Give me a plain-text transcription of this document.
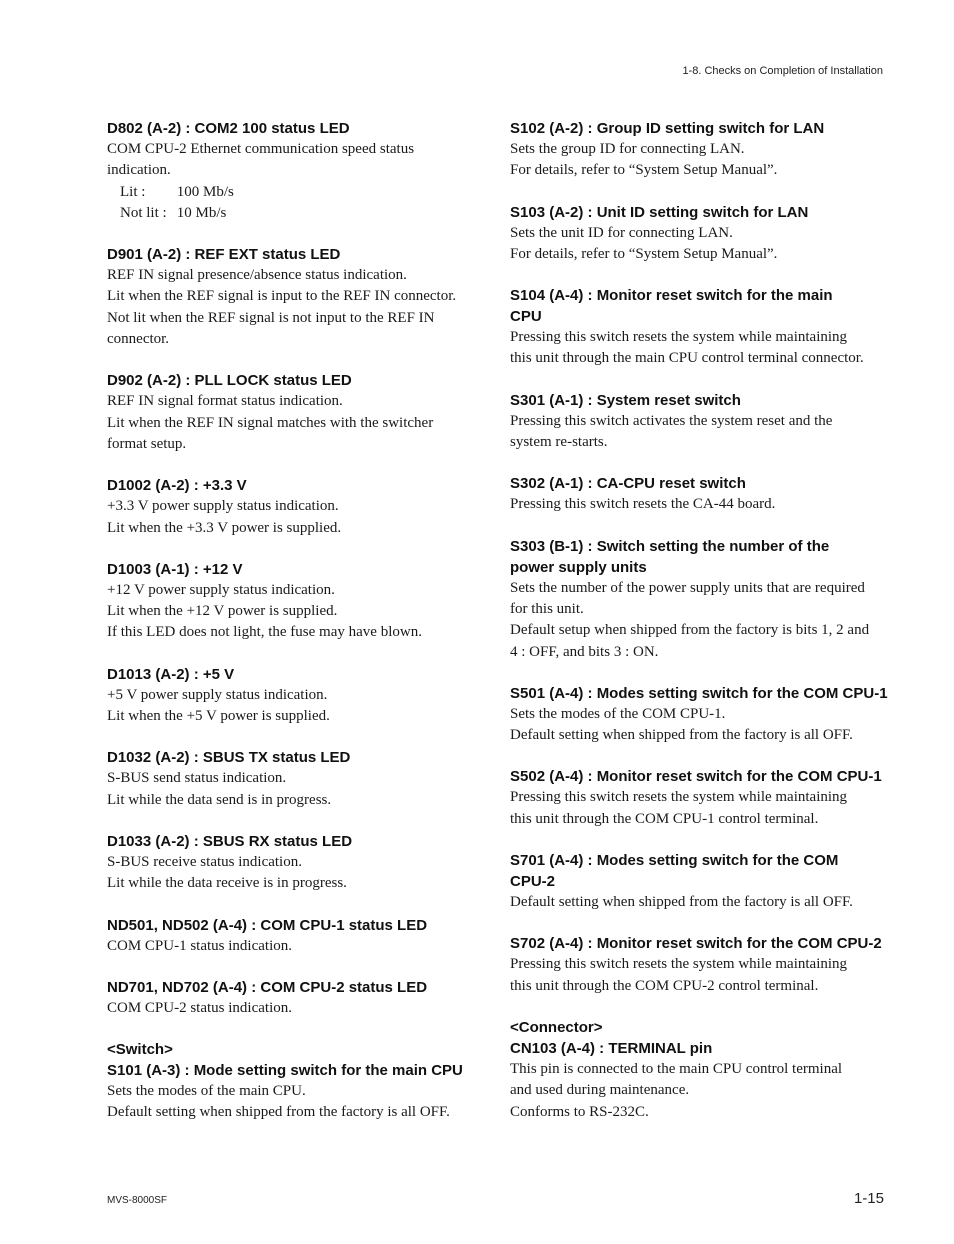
1-8. Checks on Completion of Installation
D802 (A-2) : COM2 100 status LED
COM CPU-2 Ethernet communication speed status
indication.
Lit : 100 Mb/s
Not lit : 10 Mb/s
D901 (A-2) : REF EXT status LED
REF IN signal presence/absence status indication.
Lit when the REF signal is input to the REF IN connector.
Not lit when the REF signal is not input to the REF IN
connector.
D902 (A-2) : PLL LOCK status LED
REF IN signal format status indication.
Lit when the REF IN signal matches with the switcher
format setup.
D1002 (A-2) : +3.3 V
+3.3 V power supply status indication.
Lit when the +3.3 V power is supplied.
D1003 (A-1) : +12 V
+12 V power supply status indication.
Lit when the +12 V power is supplied.
If this LED does not light, the fuse may have blown.
D1013 (A-2) : +5 V
+5 V power supply status indication.
Lit when the +5 V power is supplied.
D1032 (A-2) : SBUS TX status LED
S-BUS send status indication.
Lit while the data send is in progress.
D1033 (A-2) : SBUS RX status LED
S-BUS receive status indication.
Lit while the data receive is in progress.
ND501, ND502 (A-4) : COM CPU-1 status LED
COM CPU-1 status indication.
ND701, ND702 (A-4) : COM CPU-2 status LED
COM CPU-2 status indication.
<Switch>
S101 (A-3) : Mode setting switch for the main CPU
Sets the modes of the main CPU.
Default setting when shipped from the factory is all OFF.
S102 (A-2) : Group ID setting switch for LAN
Sets the group ID for connecting LAN.
For details, refer to “System Setup Manual”.
S103 (A-2) : Unit ID setting switch for LAN
Sets the unit ID for connecting LAN.
For details, refer to “System Setup Manual”.
S104 (A-4) : Monitor reset switch for the main
CPU
Pressing this switch resets the system while maintaining
this unit through the main CPU control terminal connector.
S301 (A-1) : System reset switch
Pressing this switch activates the system reset and the
system re-starts.
S302 (A-1) : CA-CPU reset switch
Pressing this switch resets the CA-44 board.
S303 (B-1) : Switch setting the number of the
power supply units
Sets the number of the power supply units that are required
for this unit.
Default setup when shipped from the factory is bits 1, 2 and
4 : OFF, and bits 3 : ON.
S501 (A-4) : Modes setting switch for the COM CPU-1
Sets the modes of the COM CPU-1.
Default setting when shipped from the factory is all OFF.
S502 (A-4) : Monitor reset switch for the COM CPU-1
Pressing this switch resets the system while maintaining
this unit through the COM CPU-1 control terminal.
S701 (A-4) : Modes setting switch for the COM
CPU-2
Default setting when shipped from the factory is all OFF.
S702 (A-4) : Monitor reset switch for the COM CPU-2
Pressing this switch resets the system while maintaining
this unit through the COM CPU-2 control terminal.
<Connector>
CN103 (A-4) : TERMINAL pin
This pin is connected to the main CPU control terminal
and used during maintenance.
Conforms to RS-232C.
MVS-8000SF	1-15
